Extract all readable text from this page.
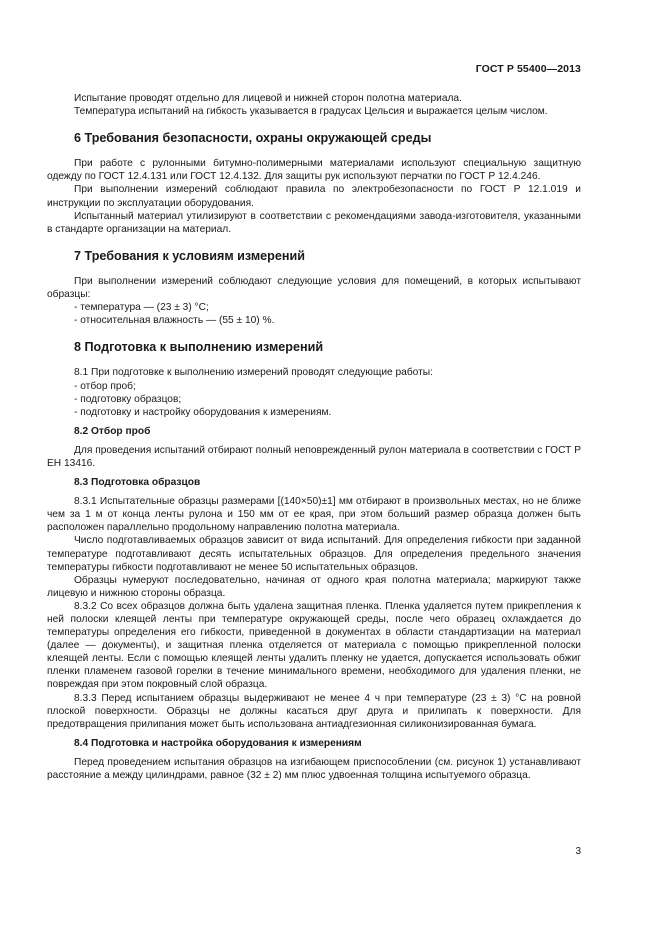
ГОСТ Р 55400—2013

Испытание проводят отдельно для лицевой и нижней сторон полотна материала.

Температура испытаний на гибкость указывается в градусах Цельсия и выражается целым числом.

6 Требования безопасности, охраны окружающей среды

При работе с рулонными битумно-полимерными материалами используют специальную защитную одежду по ГОСТ 12.4.131 или ГОСТ 12.4.132. Для защиты рук используют перчатки по ГОСТ Р 12.4.246.

При выполнении измерений соблюдают правила по электробезопасности по ГОСТ Р 12.1.019 и инструкции по эксплуатации оборудования.

Испытанный материал утилизируют в соответствии с рекомендациями завода-изготовителя, указанными в стандарте организации на материал.

7 Требования к условиям измерений

При выполнении измерений соблюдают следующие условия для помещений, в которых испытывают образцы:

- температура — (23 ± 3) °С;

- относительная влажность — (55 ± 10) %.

8 Подготовка к выполнению измерений

8.1 При подготовке к выполнению измерений проводят следующие работы:

- отбор проб;

- подготовку образцов;

- подготовку и настройку оборудования к измерениям.

8.2 Отбор проб

Для проведения испытаний отбирают полный неповрежденный рулон материала в соответствии с ГОСТ Р ЕН 13416.

8.3 Подготовка образцов

8.3.1 Испытательные образцы размерами [(140×50)±1] мм отбирают в произвольных местах, но не ближе чем за 1 м от конца ленты рулона и 150 мм от ее края, при этом больший размер образца должен быть расположен параллельно продольному направлению полотна материала.

Число подготавливаемых образцов зависит от вида испытаний. Для определения гибкости при заданной температуре подготавливают десять испытательных образцов. Для определения предельного значения температуры гибкости подготавливают не менее 50 испытательных образцов.

Образцы нумеруют последовательно, начиная от одного края полотна материала; маркируют также лицевую и нижнюю стороны образца.

8.3.2 Со всех образцов должна быть удалена защитная пленка. Пленка удаляется путем прикрепления к ней полоски клеящей ленты при температуре окружающей среды, после чего образец охлаждается до температуры определения его гибкости, приведенной в документах в области стандартизации на материал (далее — документы), и защитная пленка отделяется от материала с помощью прикрепленной полоски клеящей ленты. Если с помощью клеящей ленты удалить пленку не удается, допускается использовать обжиг пленки пламенем газовой горелки в течение минимального времени, необходимого для удаления пленки, не повреждая при этом покровный слой образца.

8.3.3 Перед испытанием образцы выдерживают не менее 4 ч при температуре (23 ± 3) °С на ровной плоской поверхности. Образцы не должны касаться друг друга и прилипать к поверхности. Для предотвращения прилипания может быть использована антиадгезионная силиконизированная бумага.

8.4 Подготовка и настройка оборудования к измерениям

Перед проведением испытания образцов на изгибающем приспособлении (см. рисунок 1) устанавливают расстояние a между цилиндрами, равное (32 ± 2) мм плюс удвоенная толщина испытуемого образца.

3
